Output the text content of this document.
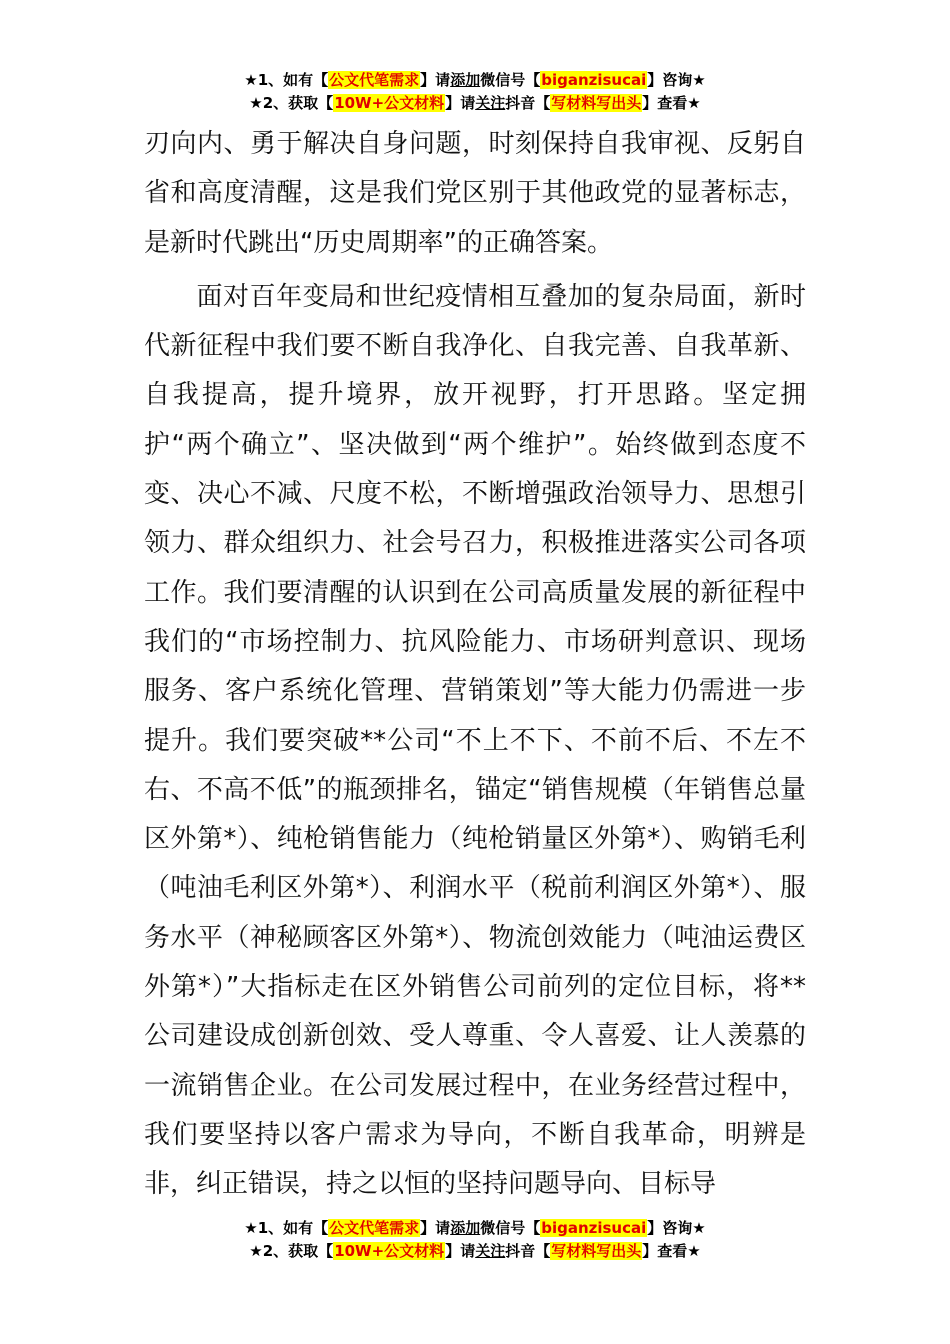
★1、如有【公文代笔需求】请添加微信号【biganzisucai】咨询★
★2、获取【10W+公文材料】请关注抖音【写材料写出头】查看★

刃向内、勇于解决自身问题，时刻保持自我审视、反躬自省和高度清醒，这是我们党区别于其他政党的显著标志，是新时代跳出“历史周期率”的正确答案。

面对百年变局和世纪疫情相互叠加的复杂局面，新时代新征程中我们要不断自我净化、自我完善、自我革新、自我提高，提升境界，放开视野，打开思路。坚定拥护“两个确立”、坚决做到“两个维护”。始终做到态度不变、决心不减、尺度不松，不断增强政治领导力、思想引领力、群众组织力、社会号召力，积极推进落实公司各项工作。我们要清醒的认识到在公司高质量发展的新征程中我们的“市场控制力、抗风险能力、市场研判意识、现场服务、客户系统化管理、营销策划”等大能力仍需进一步提升。我们要突破**公司“不上不下、不前不后、不左不右、不高不低”的瓶颈排名，锚定“销售规模（年销售总量区外第*）、纯枪销售能力（纯枪销量区外第*）、购销毛利（吨油毛利区外第*）、利润水平（税前利润区外第*）、服务水平（神秘顾客区外第*）、物流创效能力（吨油运费区外第*）”大指标走在区外销售公司前列的定位目标，将**公司建设成创新创效、受人尊重、令人喜爱、让人羡慕的一流销售企业。在公司发展过程中，在业务经营过程中，我们要坚持以客户需求为导向，不断自我革命，明辨是非，纠正错误，持之以恒的坚持问题导向、目标导

★1、如有【公文代笔需求】请添加微信号【biganzisucai】咨询★
★2、获取【10W+公文材料】请关注抖音【写材料写出头】查看★
